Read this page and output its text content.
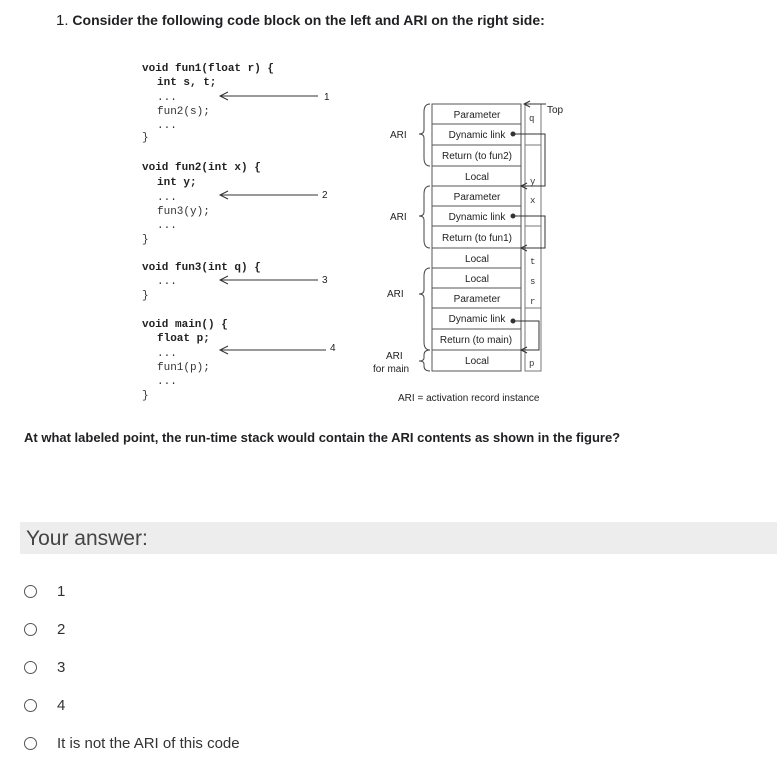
1. Consider the following code block on the left and ARI on the right side:
void fun1(float r) {
int s, t;
...
fun2(s);
...
}
void fun2(int x) {
int y;
...
fun3(y);
...
}
void fun3(int q) {
...
}
void main() {
float p;
...
fun1(p);
...
}
1
2
3
4
Parameter
Dynamic link
Return (to fun2)
Local
Parameter
Dynamic link
Return (to fun1)
Local
Local
Parameter
Dynamic link
Return (to main)
Local
q
y
x
t
s
r
p
Top
ARI
ARI
ARI
ARI
for main
ARI = activation record instance
At what labeled point, the run-time stack would contain the ARI contents as shown in the figure?
Your answer:
1
2
3
4
It is not the ARI of this code
